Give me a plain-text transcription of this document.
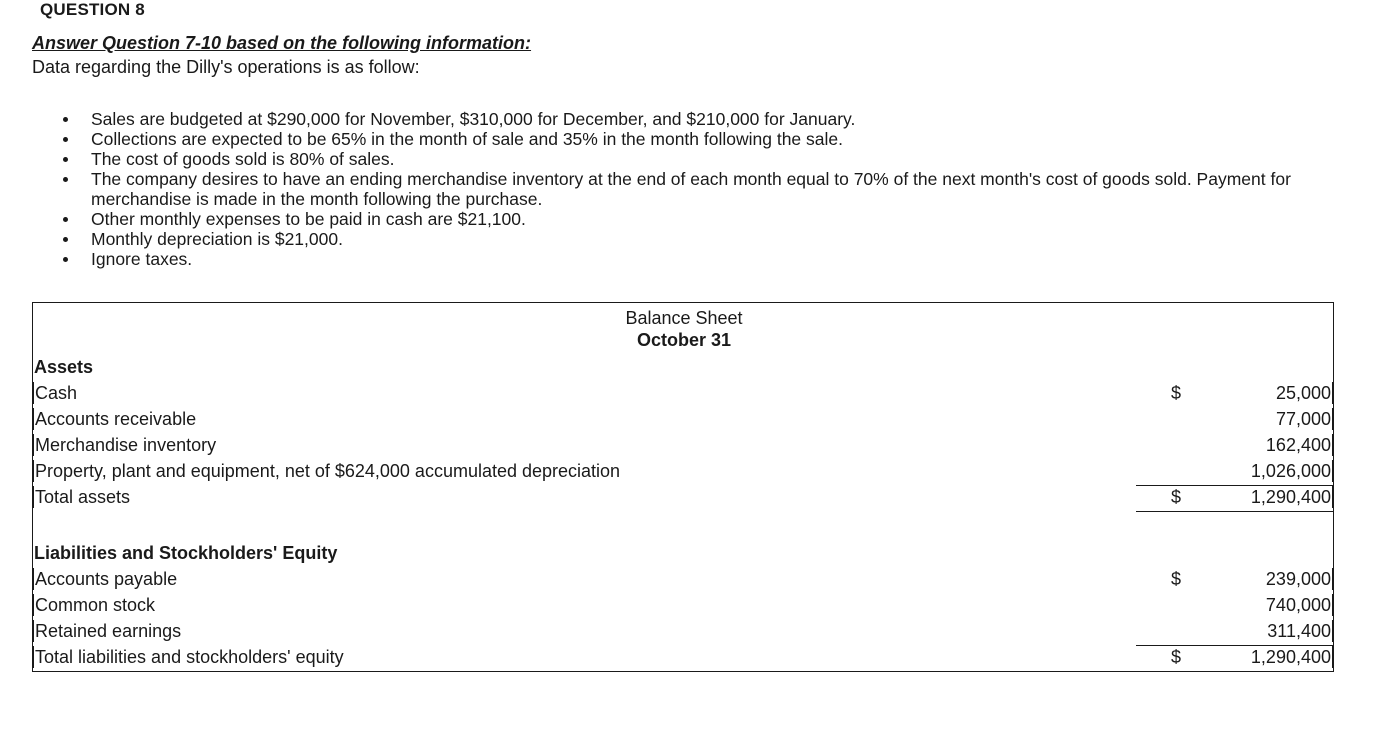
QUESTION 8
Answer Question 7-10 based on the following information:
Data regarding the Dilly's operations is as follow:
Sales are budgeted at $290,000 for November, $310,000 for December, and $210,000 for January.
Collections are expected to be 65% in the month of sale and 35% in the month following the sale.
The cost of goods sold is 80% of sales.
The company desires to have an ending merchandise inventory at the end of each month equal to 70% of the next month's cost of goods sold. Payment for merchandise is made in the month following the purchase.
Other monthly expenses to be paid in cash are $21,100.
Monthly depreciation is $21,000.
Ignore taxes.
Balance Sheet
October 31
Assets
Cash	$	25,000
Accounts receivable	77,000
Merchandise inventory	162,400
Property, plant and equipment, net of $624,000 accumulated depreciation	1,026,000
Total assets	$	1,290,400
Liabilities and Stockholders' Equity
Accounts payable	$	239,000
Common stock	740,000
Retained earnings	311,400
Total liabilities and stockholders' equity	$	1,290,400
